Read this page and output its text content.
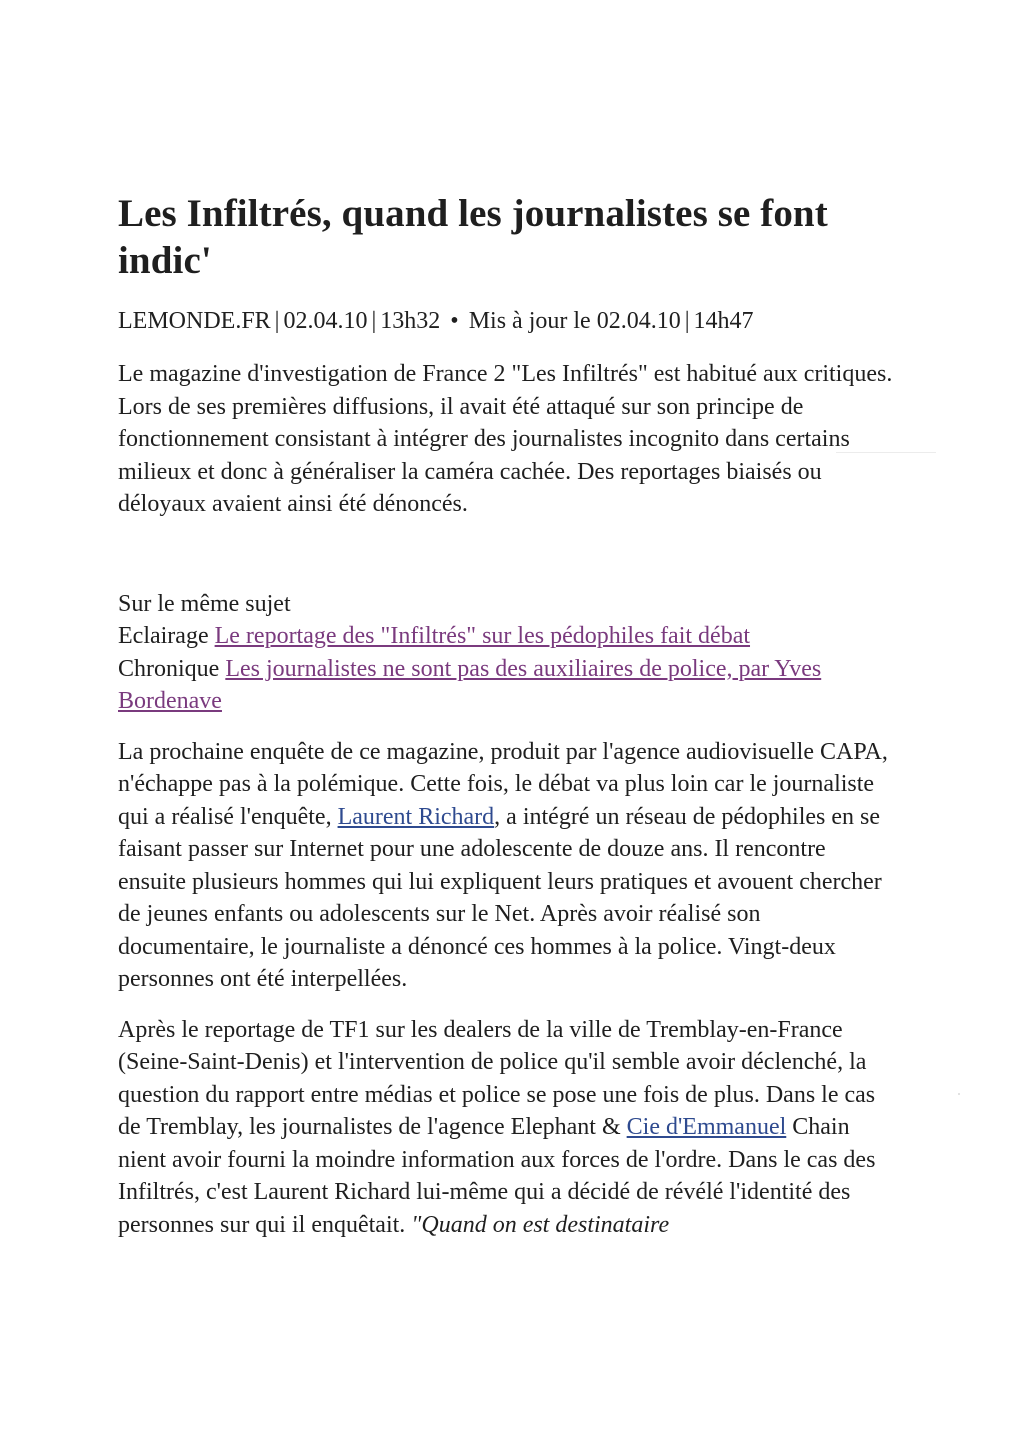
Les Infiltrés, quand les journalistes se font indic'
LEMONDE.FR | 02.04.10 | 13h32 • Mis à jour le 02.04.10 | 14h47

Le magazine d'investigation de France 2 "Les Infiltrés" est habitué aux critiques. Lors de ses premières diffusions, il avait été attaqué sur son principe de fonctionnement consistant à intégrer des journalistes incognito dans certains milieux et donc à généraliser la caméra cachée. Des reportages biaisés ou déloyaux avaient ainsi été dénoncés.

Sur le même sujet
Eclairage Le reportage des "Infiltrés" sur les pédophiles fait débat
Chronique Les journalistes ne sont pas des auxiliaires de police, par Yves Bordenave

La prochaine enquête de ce magazine, produit par l'agence audiovisuelle CAPA, n'échappe pas à la polémique. Cette fois, le débat va plus loin car le journaliste qui a réalisé l'enquête, Laurent Richard, a intégré un réseau de pédophiles en se faisant passer sur Internet pour une adolescente de douze ans. Il rencontre ensuite plusieurs hommes qui lui expliquent leurs pratiques et avouent chercher de jeunes enfants ou adolescents sur le Net. Après avoir réalisé son documentaire, le journaliste a dénoncé ces hommes à la police. Vingt-deux personnes ont été interpellées.

Après le reportage de TF1 sur les dealers de la ville de Tremblay-en-France (Seine-Saint-Denis) et l'intervention de police qu'il semble avoir déclenché, la question du rapport entre médias et police se pose une fois de plus. Dans le cas de Tremblay, les journalistes de l'agence Elephant & Cie d'Emmanuel Chain nient avoir fourni la moindre information aux forces de l'ordre. Dans le cas des Infiltrés, c'est Laurent Richard lui-même qui a décidé de révélé l'identité des personnes sur qui il enquêtait. "Quand on est destinataire
